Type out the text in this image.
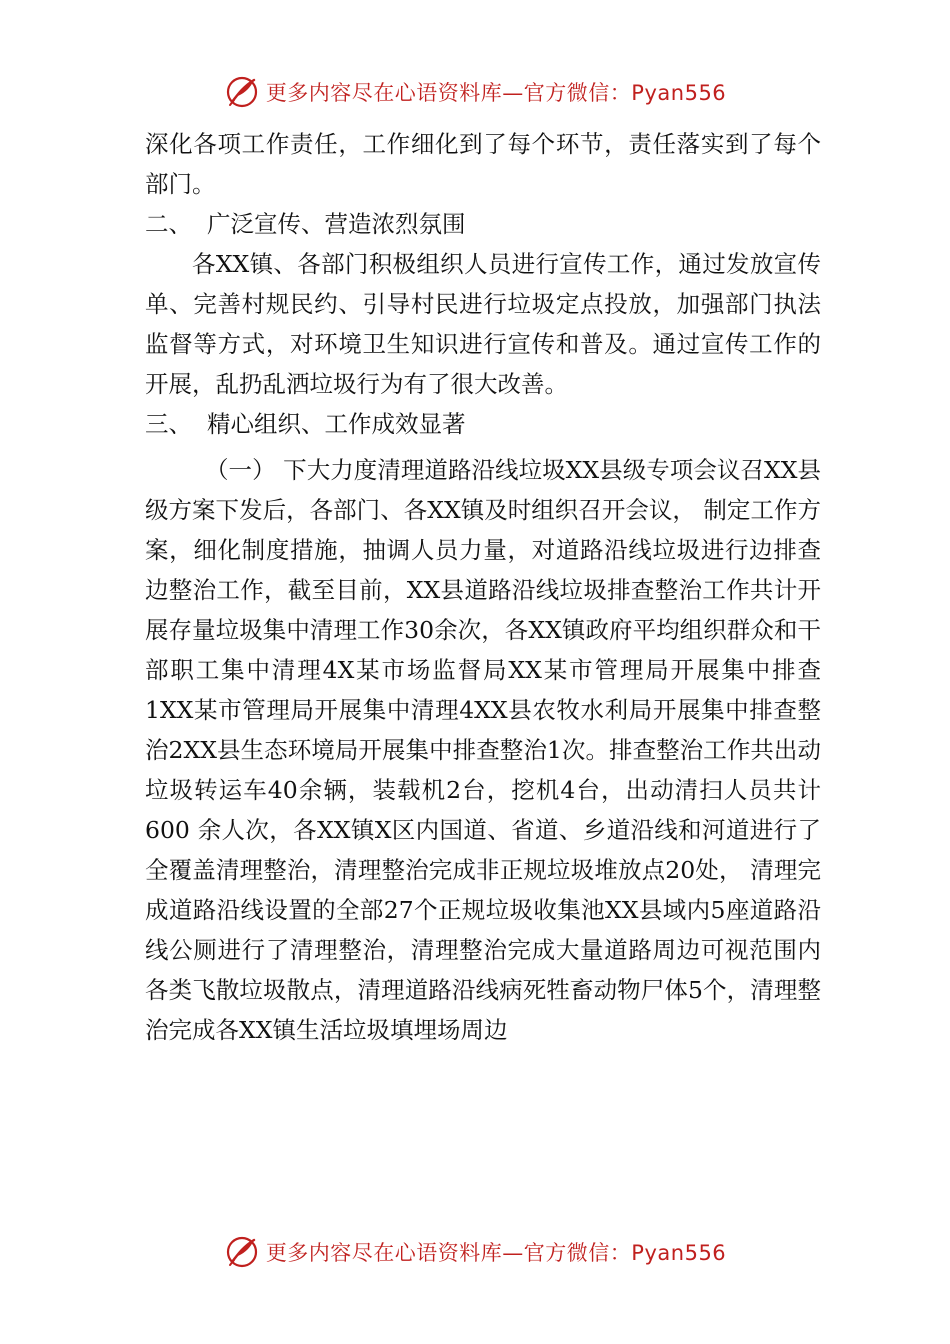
更多内容尽在心语资料库—官方微信：Pyan556

深化各项工作责任，工作细化到了每个环节，责任落实到了每个部门。

二、  广泛宣传、营造浓烈氛围

各XX镇、各部门积极组织人员进行宣传工作，通过发放宣传单、完善村规民约、引导村民进行垃圾定点投放，加强部门执法监督等方式，对环境卫生知识进行宣传和普及。通过宣传工作的开展，乱扔乱洒垃圾行为有了很大改善。

三、  精心组织、工作成效显著

（一） 下大力度清理道路沿线垃圾XX县级专项会议召XX县级方案下发后，各部门、各XX镇及时组织召开会议， 制定工作方案，细化制度措施，抽调人员力量，对道路沿线垃圾进行边排查边整治工作，截至目前，XX县道路沿线垃圾排查整治工作共计开展存量垃圾集中清理工作30余次，各XX镇政府平均组织群众和干部职工集中清理4X某市场监督局XX某市管理局开展集中排查1XX某市管理局开展集中清理4XX县农牧水利局开展集中排查整治2XX县生态环境局开展集中排查整治1次。排查整治工作共出动垃圾转运车40余辆，装载机2台，挖机4台，出动清扫人员共计600 余人次，各XX镇X区内国道、省道、乡道沿线和河道进行了全覆盖清理整治，清理整治完成非正规垃圾堆放点20处， 清理完成道路沿线设置的全部27个正规垃圾收集池XX县域内5座道路沿线公厕进行了清理整治，清理整治完成大量道路周边可视范围内各类飞散垃圾散点，清理道路沿线病死牲畜动物尸体5个，清理整治完成各XX镇生活垃圾填埋场周边

更多内容尽在心语资料库—官方微信：Pyan556
